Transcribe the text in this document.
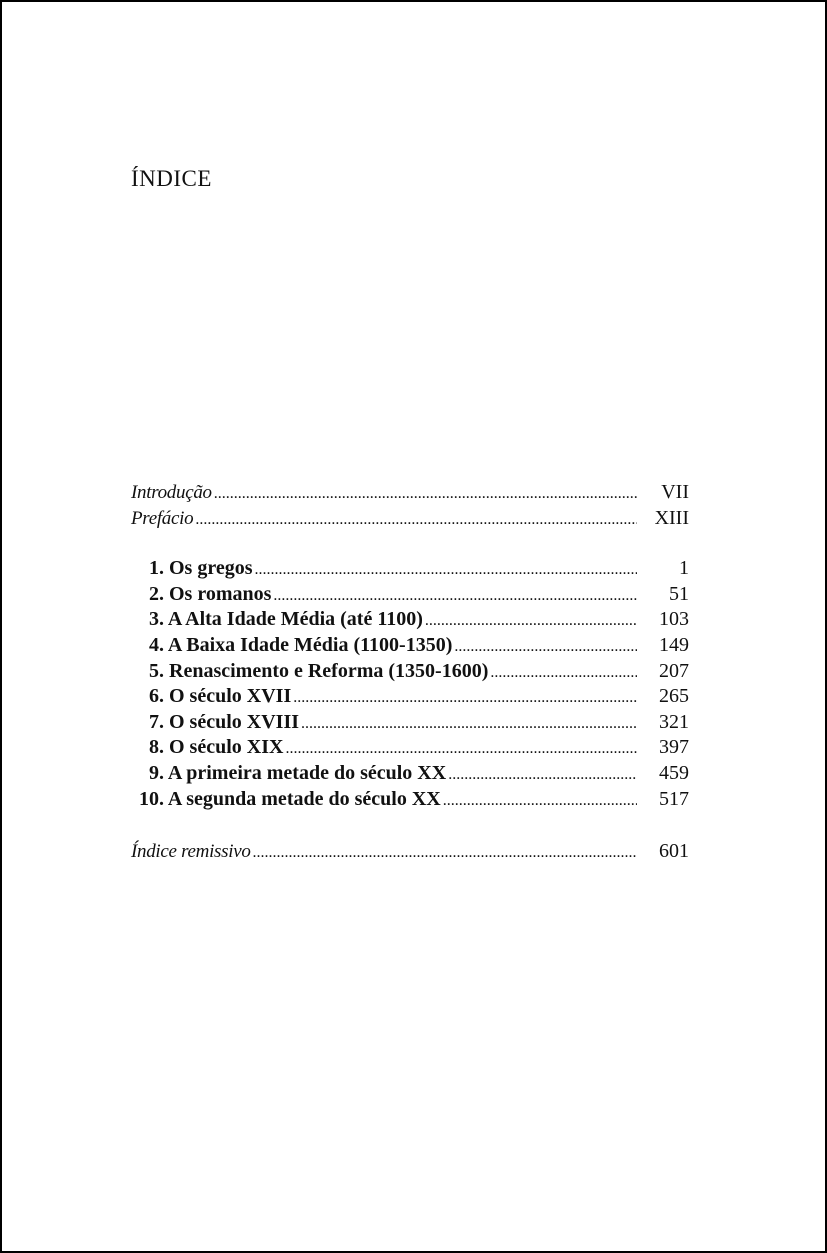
ÍNDICE
Introdução .....	VII
Prefácio .....	XIII
1. Os gregos .....	1
2. Os romanos .....	51
3. A Alta Idade Média (até 1100) .....	103
4. A Baixa Idade Média (1100-1350) .....	149
5. Renascimento e Reforma (1350-1600) .....	207
6. O século XVII .....	265
7. O século XVIII .....	321
8. O século XIX .....	397
9. A primeira metade do século XX .....	459
10. A segunda metade do século XX .....	517
Índice remissivo .....	601
